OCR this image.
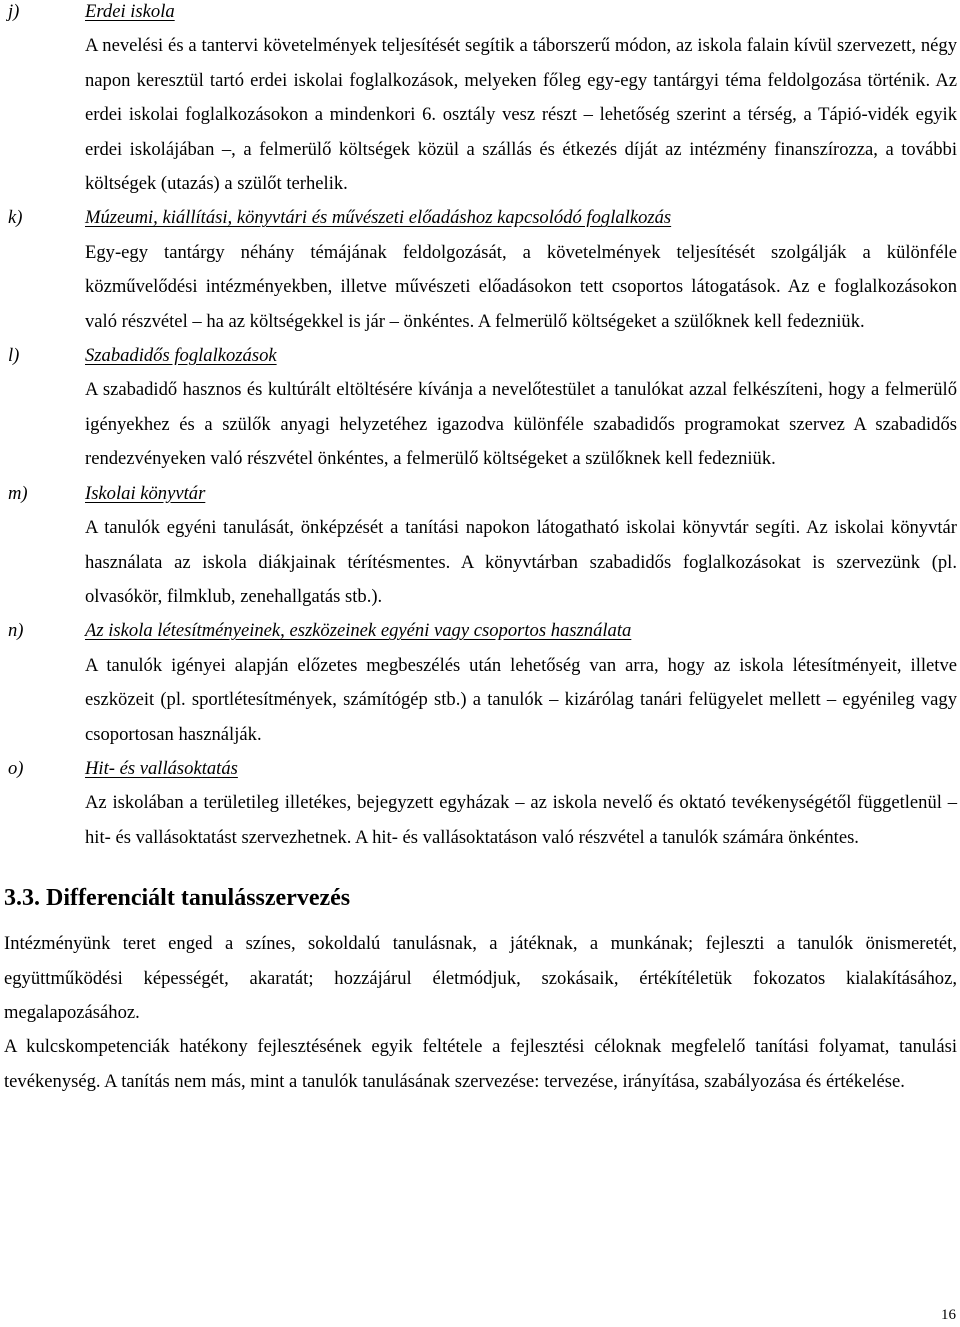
j)	Erdei iskola

A nevelési és a tantervi követelmények teljesítését segítik a táborszerű módon, az iskola falain kívül szervezett, négy napon keresztül tartó erdei iskolai foglalkozások, melyeken főleg egy-egy tantárgyi téma feldolgozása történik. Az erdei iskolai foglalkozásokon a mindenkori 6. osztály vesz részt – lehetőség szerint a térség, a Tápió-vidék egyik erdei iskolájában –, a felmerülő költségek közül a szállás és étkezés díját az intézmény finanszírozza, a további költségek (utazás) a szülőt terhelik.

k)	Múzeumi, kiállítási, könyvtári és művészeti előadáshoz kapcsolódó foglalkozás

Egy-egy tantárgy néhány témájának feldolgozását, a követelmények teljesítését szolgálják a különféle közművelődési intézményekben, illetve művészeti előadásokon tett csoportos látogatások. Az e foglalkozásokon való részvétel – ha az költségekkel is jár – önkéntes. A felmerülő költségeket a szülőknek kell fedezniük.

l)	Szabadidős foglalkozások

A szabadidő hasznos és kultúrált eltöltésére kívánja a nevelőtestület a tanulókat azzal felkészíteni, hogy a felmerülő igényekhez és a szülők anyagi helyzetéhez igazodva különféle szabadidős programokat szervez A szabadidős rendezvényeken való részvétel önkéntes, a felmerülő költségeket a szülőknek kell fedezniük.

m)	Iskolai könyvtár

A tanulók egyéni tanulását, önképzését a tanítási napokon látogatható iskolai könyvtár segíti. Az iskolai könyvtár használata az iskola diákjainak térítésmentes. A könyvtárban szabadidős foglalkozásokat is szervezünk (pl. olvasókör, filmklub, zenehallgatás stb.).

n)	Az iskola létesítményeinek, eszközeinek egyéni vagy csoportos használata

A tanulók igényei alapján előzetes megbeszélés után lehetőség van arra, hogy az iskola létesítményeit, illetve eszközeit (pl. sportlétesítmények, számítógép stb.) a tanulók – kizárólag tanári felügyelet mellett – egyénileg vagy csoportosan használják.

o)	Hit- és vallásoktatás

Az iskolában a területileg illetékes, bejegyzett egyházak – az iskola nevelő és oktató tevékenységétől függetlenül – hit- és vallásoktatást szervezhetnek. A hit- és vallásoktatáson való részvétel a tanulók számára önkéntes.

3.3. Differenciált tanulásszervezés

Intézményünk teret enged a színes, sokoldalú tanulásnak, a játéknak, a munkának; fejleszti a tanulók önismeretét, együttműködési képességét, akaratát; hozzájárul életmódjuk, szokásaik, értékítéletük fokozatos kialakításához, megalapozásához.

A kulcskompetenciák hatékony fejlesztésének egyik feltétele a fejlesztési céloknak megfelelő tanítási folyamat, tanulási tevékenység. A tanítás nem más, mint a tanulók tanulásának szervezése: tervezése, irányítása, szabályozása és értékelése.

16
